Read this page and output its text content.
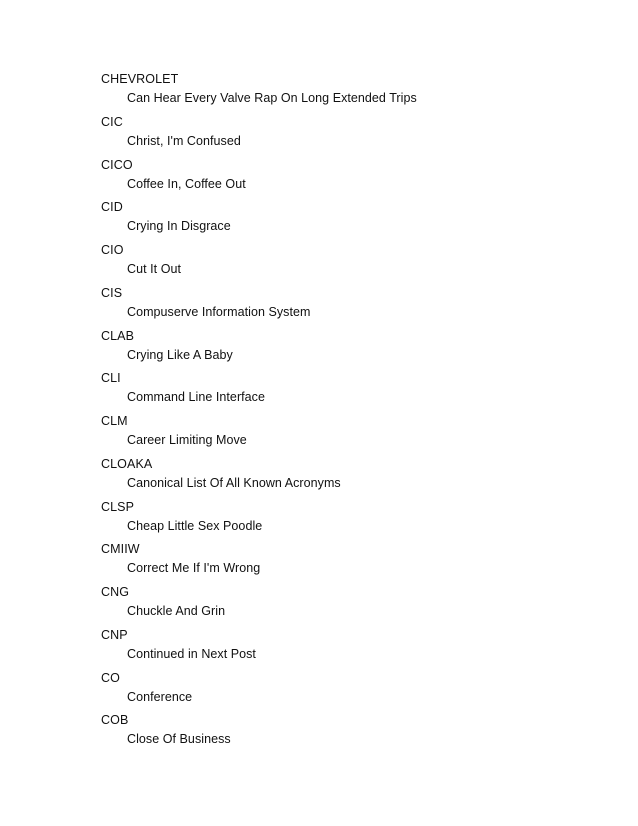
CHEVROLET
Can Hear Every Valve Rap On Long Extended Trips
CIC
Christ, I'm Confused
CICO
Coffee In, Coffee Out
CID
Crying In Disgrace
CIO
Cut It Out
CIS
Compuserve Information System
CLAB
Crying Like A Baby
CLI
Command Line Interface
CLM
Career Limiting Move
CLOAKA
Canonical List Of All Known Acronyms
CLSP
Cheap Little Sex Poodle
CMIIW
Correct Me If I'm Wrong
CNG
Chuckle And Grin
CNP
Continued in Next Post
CO
Conference
COB
Close Of Business
